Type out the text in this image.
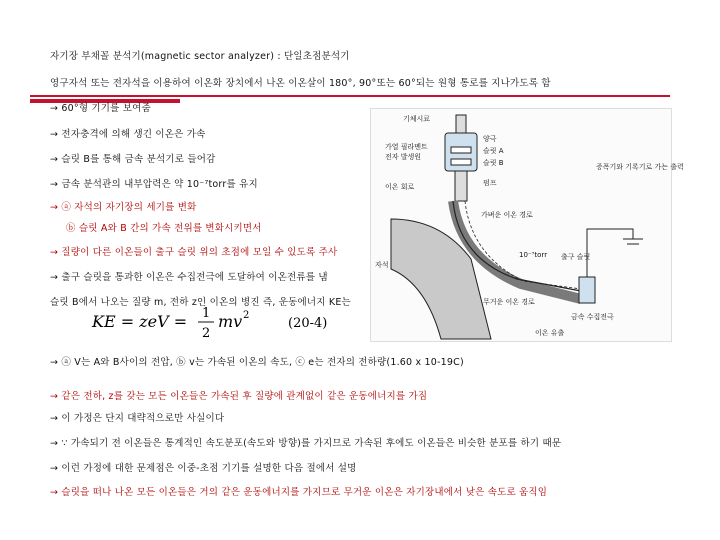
자기장 부채꼴 분석기(magnetic sector analyzer) : 단일초점분석기
영구자석 또는 전자석을 이용하여 이온화 장치에서 나온 이온살이 180°, 90°또는 60°되는 원형 통로를 지나가도록 함
→ 60°형 기기를 보여줌
→ 전자충격에 의해 생긴 이온은 가속
→ 슬릿 B를 통해 금속 분석기로 들어감
→ 금속 분석관의 내부압력은 약 10⁻⁷torr를 유지
→ ⓐ 자석의 자기장의 세기를 변화
ⓑ 슬릿 A와 B 간의 가속 전위를 변화시키면서
→ 질량이 다른 이온들이 출구 슬릿 위의 초점에 모일 수 있도록 주사
→ 출구 슬릿을 통과한 이온은 수집전극에 도달하여 이온전류를 냄
슬릿 B에서 나오는 질량 m, 전하 z인 이온의 병진 즉, 운동에너지 KE는
KE = zeV = 1
2
mv 2
(20-4)
기체시료
양극
가열 필라멘트
전자 발생원
슬릿 A
슬릿 B	증폭기와 기록기로 가는 출력
이온 회로	펌프
가벼운 이온 경로
자석
10⁻⁷torr 출구 슬릿
무거운 이온 경로
금속 수집전극
이온 유출
→ ⓐ V는 A와 B사이의 전압, ⓑ v는 가속된 이온의 속도, ⓒ e는 전자의 전하량(1.60 x 10-19C)
→ 같은 전하, z를 갖는 모든 이온들은 가속된 후 질량에 관계없이 같은 운동에너지를 가짐
→ 이 가정은 단지 대략적으로만 사실이다
→ ∵ 가속되기 전 이온들은 통계적인 속도분포(속도와 방향)를 가지므로 가속된 후에도 이온들은 비슷한 분포를 하기 때문
→ 이런 가정에 대한 문제점은 이중-초점 기기를 설명한 다음 절에서 설명
→ 슬릿을 떠나 나온 모든 이온들은 거의 같은 운동에너지를 가지므로 무거운 이온은 자기장내에서 낮은 속도로 움직임
